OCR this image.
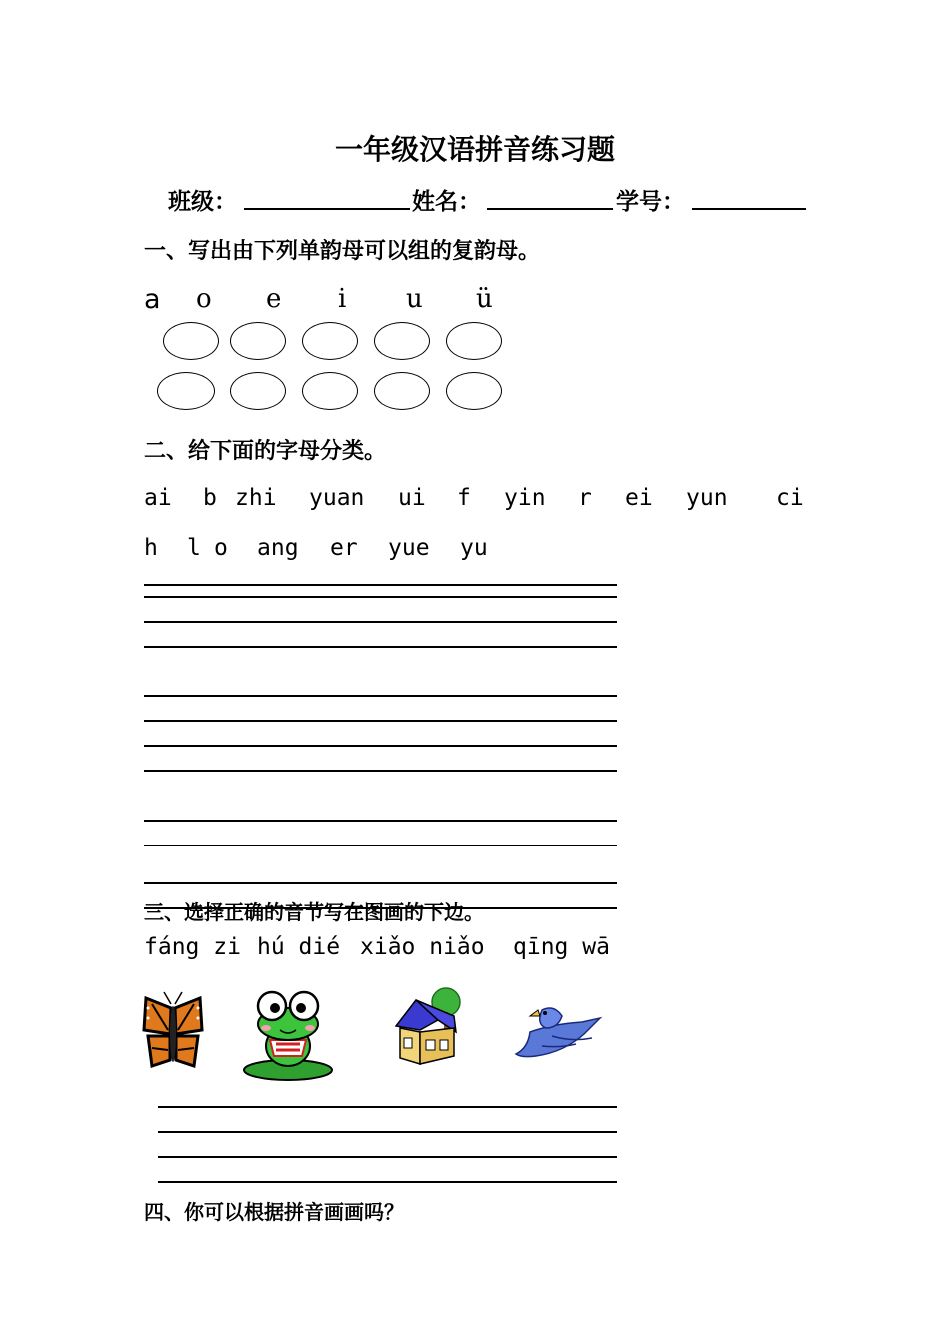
一年级汉语拼音练习题
班级：	姓名：	学号：
一、写出由下列单韵母可以组的复韵母。
a o e i u ü
二、给下面的字母分类。
ai b zhi yuan ui f yin r ei yun ci
h l o ang er yue yu
三、选择正确的音节写在图画的下边。
fáng zi hú dié xiǎo niǎo qīng wā
四、你可以根据拼音画画吗？
